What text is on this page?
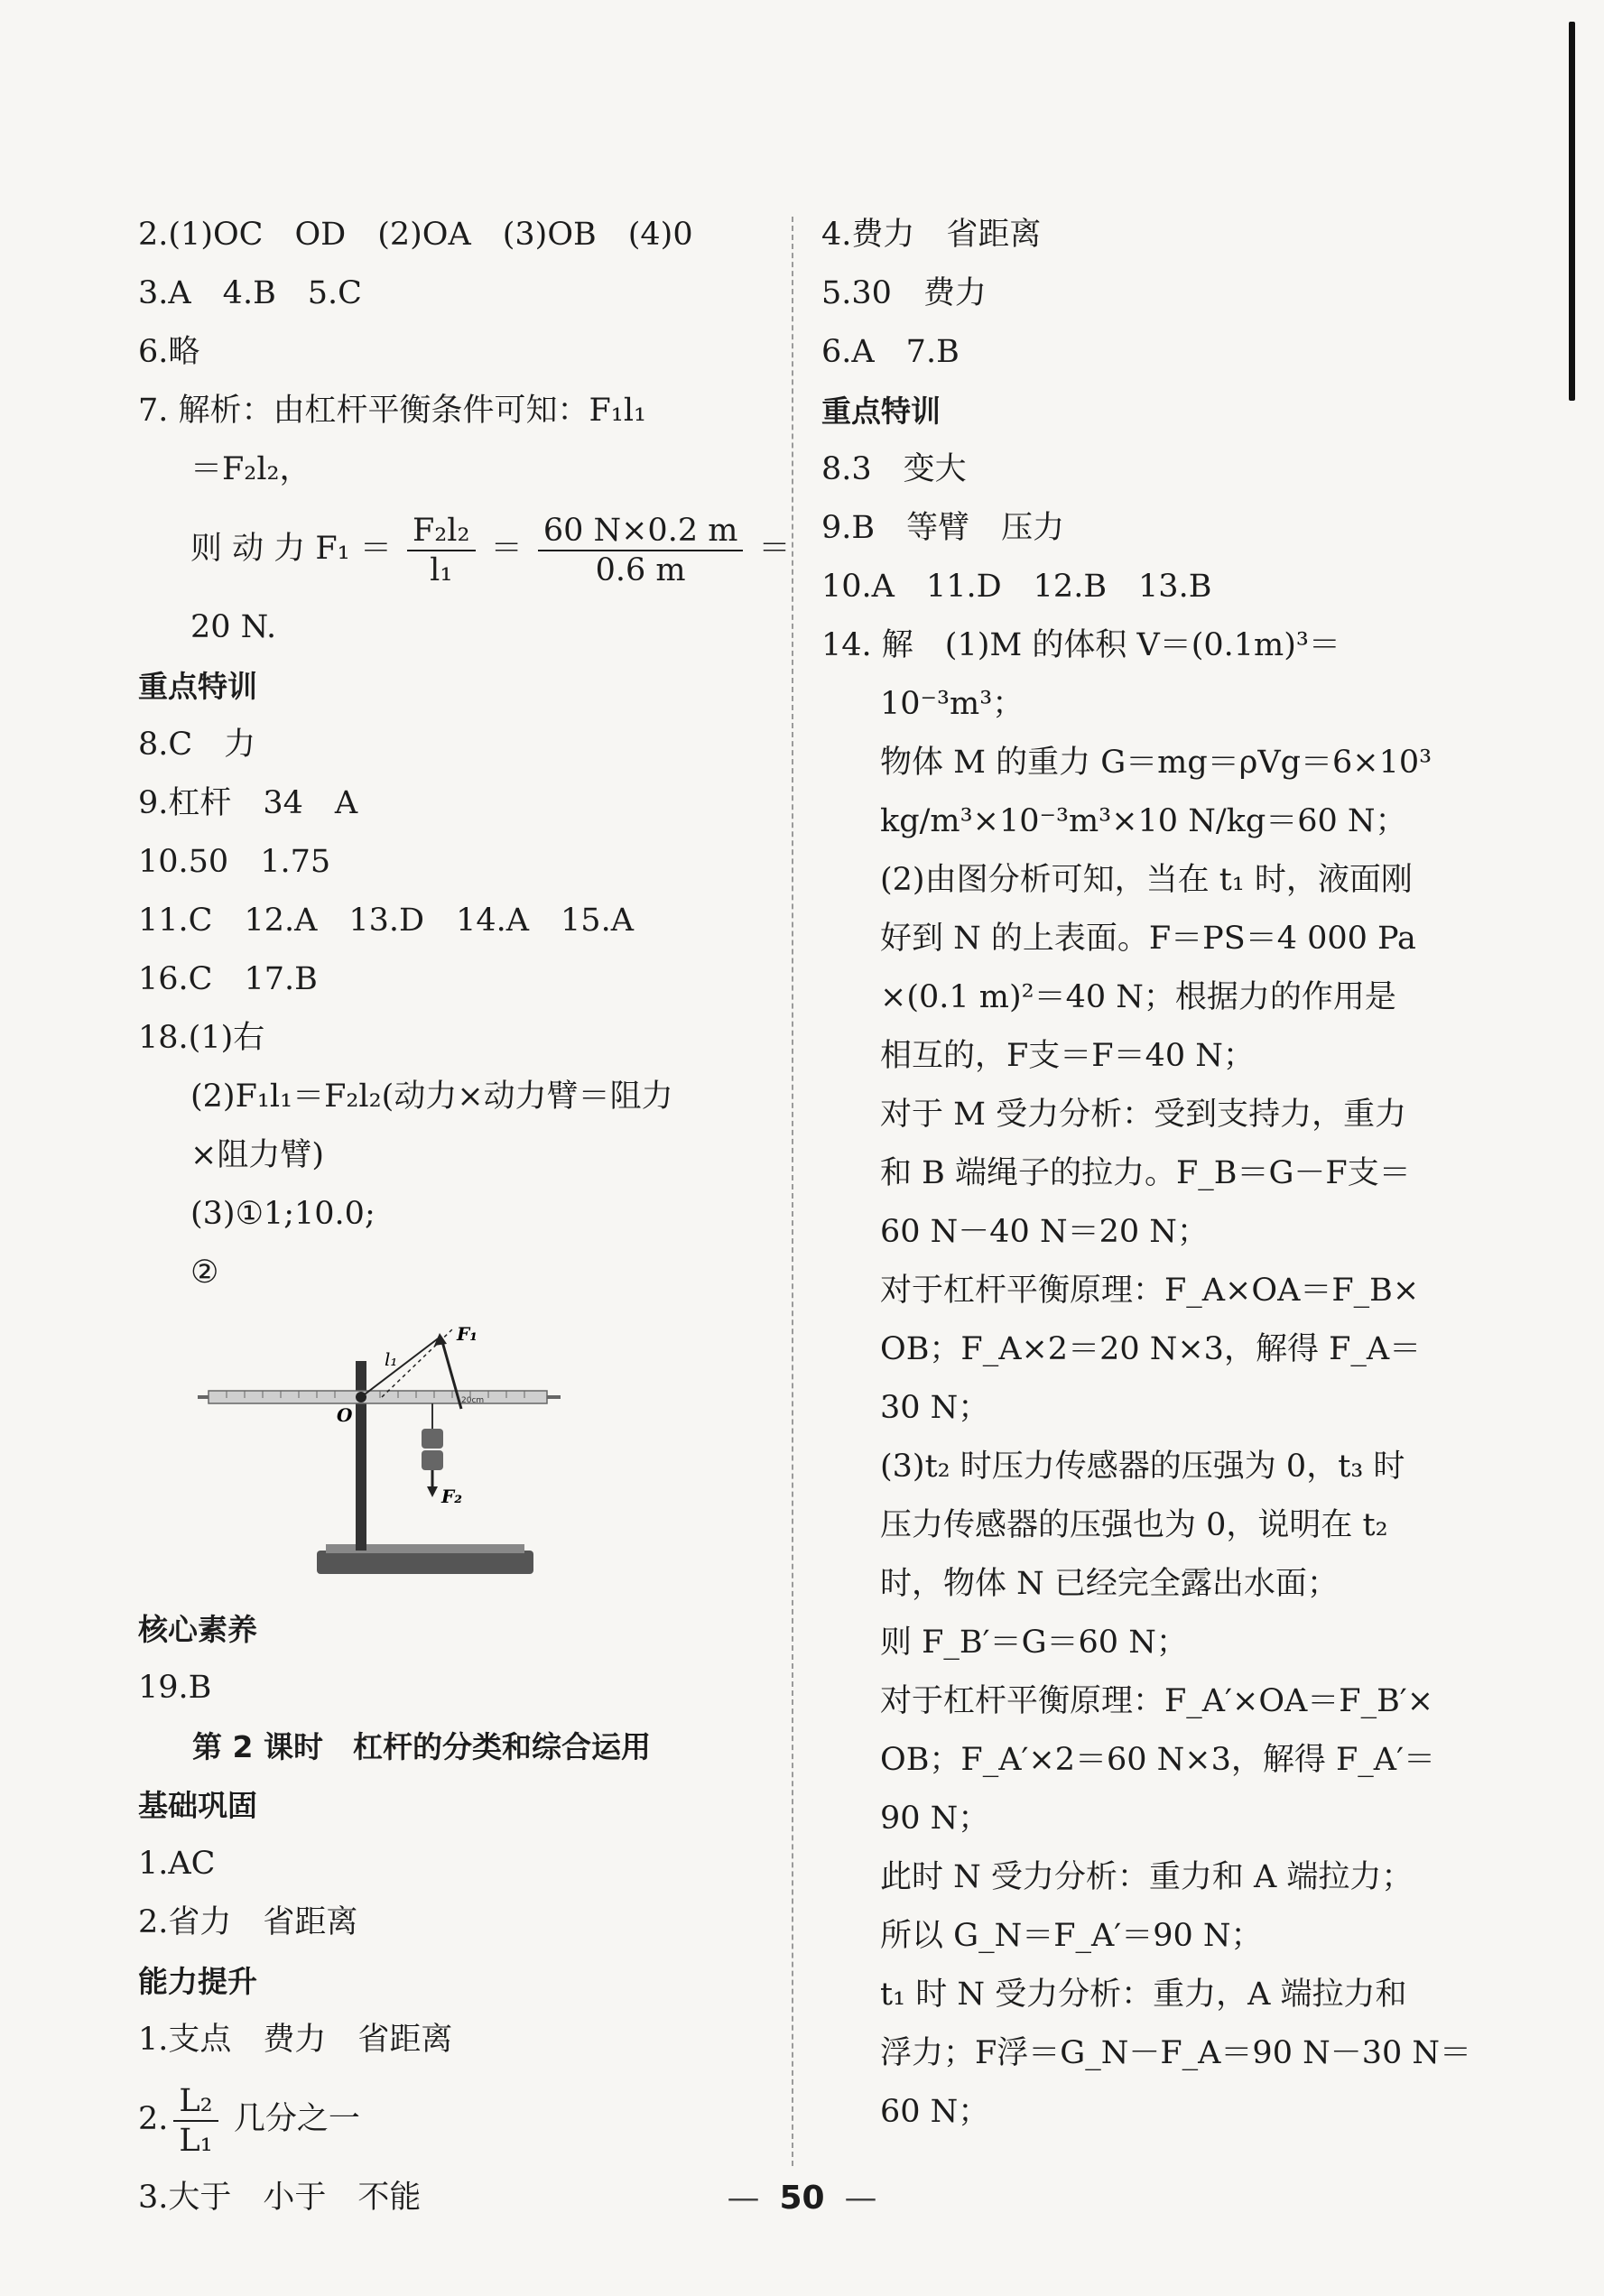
2.(1)OC　OD　(2)OA　(3)OB　(4)0
3.A　4.B　5.C
6.略
7. 解析：由杠杆平衡条件可知：F₁l₁
＝F₂l₂，
则 动 力 $F_1 = \frac{\text{F₂l₂}}{\text{l₁}} = \frac{60 N\times 0.2 m}{0.6 m}$ ＝
20 N.
重点特训
8.C　力
9.杠杆　34　A
10.50　1.75
11.C　12.A　13.D　14.A　15.A
16.C　17.B
18.(1)右
(2)F₁l₁＝F₂l₂(动力×动力臂＝阻力
×阻力臂)
(3)①1;10.0;
②
20cm
O
l₁
F₁
F₂
核心素养
19.B
第 2 课时　杠杆的分类和综合运用
基础巩固
1.AC
2.省力　省距离
能力提升
1.支点　费力　省距离
2. $\frac{\text{L₂}}{\text{L₁}}$ 几分之一
3.大于　小于　不能
4.费力　省距离
5.30　费力
6.A　7.B
重点特训
8.3　变大
9.B　等臂　压力
10.A　11.D　12.B　13.B
14. 解　(1)M 的体积 V＝(0.1m)³＝
10⁻³m³；
物体 M 的重力 G＝mg＝ρVg＝6×10³
kg/m³×10⁻³m³×10 N/kg＝60 N；
(2)由图分析可知，当在 t₁ 时，液面刚
好到 N 的上表面。F＝PS＝4 000 Pa
×(0.1 m)²＝40 N；根据力的作用是
相互的，F支＝F＝40 N；
对于 M 受力分析：受到支持力，重力
和 B 端绳子的拉力。F_B＝G－F支＝
60 N－40 N＝20 N；
对于杠杆平衡原理：F_A×OA＝F_B×
OB；F_A×2＝20 N×3，解得 F_A＝
30 N；
(3)t₂ 时压力传感器的压强为 0，t₃ 时
压力传感器的压强也为 0，说明在 t₂
时，物体 N 已经完全露出水面；
则 F_B′＝G＝60 N；
对于杠杆平衡原理：F_A′×OA＝F_B′×
OB；F_A′×2＝60 N×3，解得 F_A′＝
90 N；
此时 N 受力分析：重力和 A 端拉力；
所以 G_N＝F_A′＝90 N；
t₁ 时 N 受力分析：重力，A 端拉力和
浮力；F浮＝G_N－F_A＝90 N－30 N＝
60 N；
— 50 —
